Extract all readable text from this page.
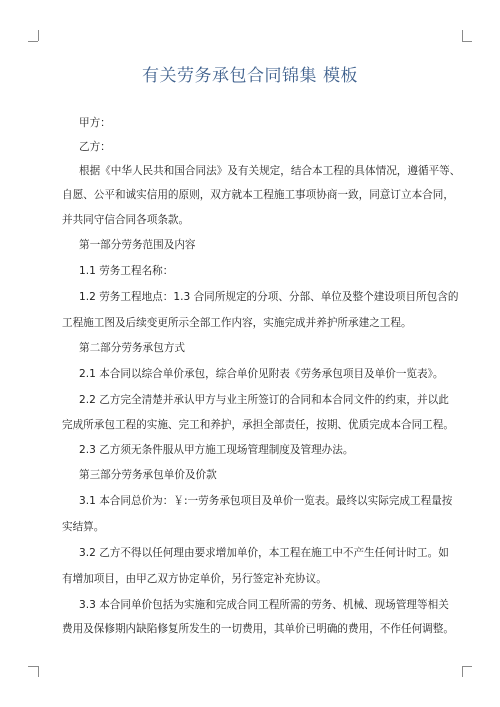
有关劳务承包合同锦集 模板
甲方：
乙方：
根据《中华人民共和国合同法》及有关规定，结合本工程的具体情况，遵循平等、
自愿、公平和诚实信用的原则，双方就本工程施工事项协商一致，同意订立本合同，
并共同守信合同各项条款。
第一部分劳务范围及内容
1.1 劳务工程名称：
1.2 劳务工程地点：1.3 合同所规定的分项、分部、单位及整个建设项目所包含的
工程施工图及后续变更所示全部工作内容，实施完成并养护所承建之工程。
第二部分劳务承包方式
2.1 本合同以综合单价承包，综合单价见附表《劳务承包项目及单价一览表》。
2.2 乙方完全清楚并承认甲方与业主所签订的合同和本合同文件的约束，并以此
完成所承包工程的实施、完工和养护，承担全部责任，按期、优质完成本合同工程。
2.3 乙方须无条件服从甲方施工现场管理制度及管理办法。
第三部分劳务承包单价及价款
3.1 本合同总价为：￥:一劳务承包项目及单价一览表。最终以实际完成工程量按
实结算。
3.2 乙方不得以任何理由要求增加单价，本工程在施工中不产生任何计时工。如
有增加项目，由甲乙双方协定单价，另行签定补充协议。
3.3 本合同单价包括为实施和完成合同工程所需的劳务、机械、现场管理等相关
费用及保修期内缺陷修复所发生的一切费用，其单价已明确的费用，不作任何调整。
